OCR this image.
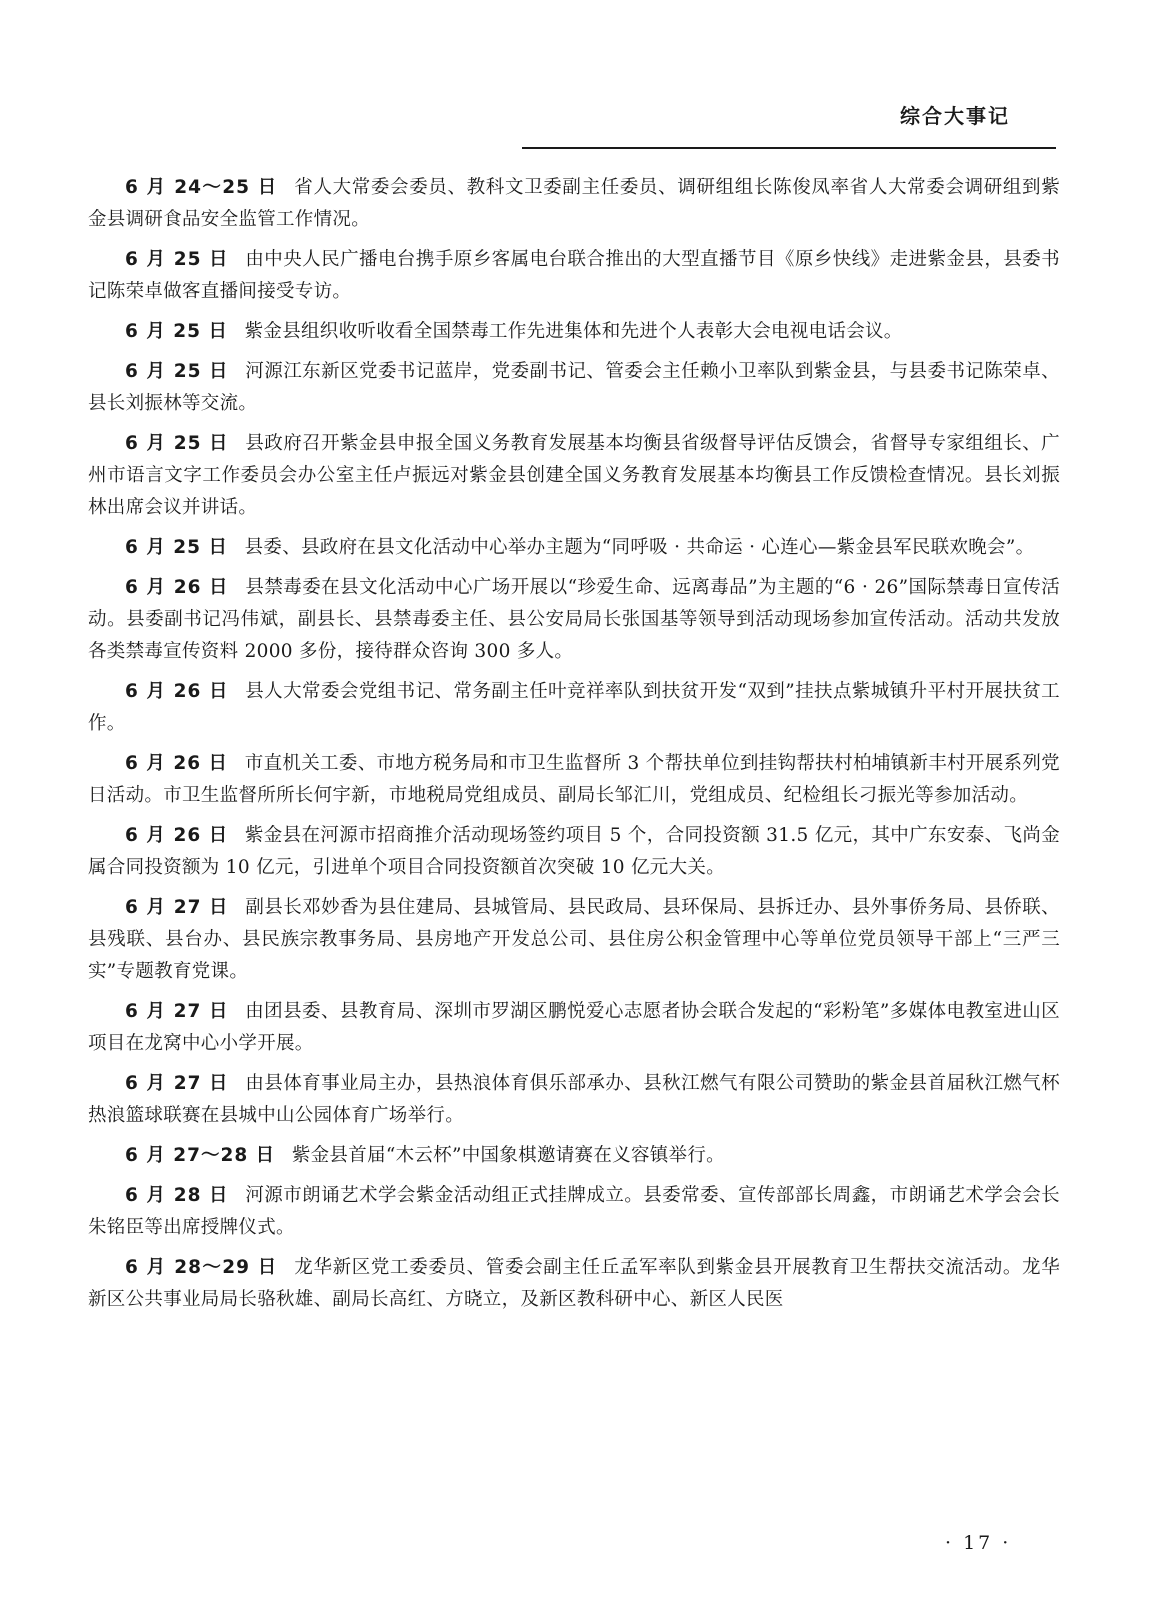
综合大事记

6 月 24～25 日 省人大常委会委员、教科文卫委副主任委员、调研组组长陈俊凤率省人大常委会调研组到紫金县调研食品安全监管工作情况。

6 月 25 日 由中央人民广播电台携手原乡客属电台联合推出的大型直播节目《原乡快线》走进紫金县，县委书记陈荣卓做客直播间接受专访。

6 月 25 日 紫金县组织收听收看全国禁毒工作先进集体和先进个人表彰大会电视电话会议。

6 月 25 日 河源江东新区党委书记蓝岸，党委副书记、管委会主任赖小卫率队到紫金县，与县委书记陈荣卓、县长刘振林等交流。

6 月 25 日 县政府召开紫金县申报全国义务教育发展基本均衡县省级督导评估反馈会，省督导专家组组长、广州市语言文字工作委员会办公室主任卢振远对紫金县创建全国义务教育发展基本均衡县工作反馈检查情况。县长刘振林出席会议并讲话。

6 月 25 日 县委、县政府在县文化活动中心举办主题为“同呼吸 · 共命运 · 心连心—紫金县军民联欢晚会”。

6 月 26 日 县禁毒委在县文化活动中心广场开展以“珍爱生命、远离毒品”为主题的“6 · 26”国际禁毒日宣传活动。县委副书记冯伟斌，副县长、县禁毒委主任、县公安局局长张国基等领导到活动现场参加宣传活动。活动共发放各类禁毒宣传资料 2000 多份，接待群众咨询 300 多人。

6 月 26 日 县人大常委会党组书记、常务副主任叶竞祥率队到扶贫开发“双到”挂扶点紫城镇升平村开展扶贫工作。

6 月 26 日 市直机关工委、市地方税务局和市卫生监督所 3 个帮扶单位到挂钩帮扶村柏埔镇新丰村开展系列党日活动。市卫生监督所所长何宇新，市地税局党组成员、副局长邹汇川，党组成员、纪检组长刁振光等参加活动。

6 月 26 日 紫金县在河源市招商推介活动现场签约项目 5 个，合同投资额 31.5 亿元，其中广东安泰、飞尚金属合同投资额为 10 亿元，引进单个项目合同投资额首次突破 10 亿元大关。

6 月 27 日 副县长邓妙香为县住建局、县城管局、县民政局、县环保局、县拆迁办、县外事侨务局、县侨联、县残联、县台办、县民族宗教事务局、县房地产开发总公司、县住房公积金管理中心等单位党员领导干部上“三严三实”专题教育党课。

6 月 27 日 由团县委、县教育局、深圳市罗湖区鹏悦爱心志愿者协会联合发起的“彩粉笔”多媒体电教室进山区项目在龙窝中心小学开展。

6 月 27 日 由县体育事业局主办，县热浪体育俱乐部承办、县秋江燃气有限公司赞助的紫金县首届秋江燃气杯热浪篮球联赛在县城中山公园体育广场举行。

6 月 27～28 日 紫金县首届“木云杯”中国象棋邀请赛在义容镇举行。

6 月 28 日 河源市朗诵艺术学会紫金活动组正式挂牌成立。县委常委、宣传部部长周鑫，市朗诵艺术学会会长朱铭臣等出席授牌仪式。

6 月 28～29 日 龙华新区党工委委员、管委会副主任丘孟军率队到紫金县开展教育卫生帮扶交流活动。龙华新区公共事业局局长骆秋雄、副局长高红、方晓立，及新区教科研中心、新区人民医

· 17 ·
